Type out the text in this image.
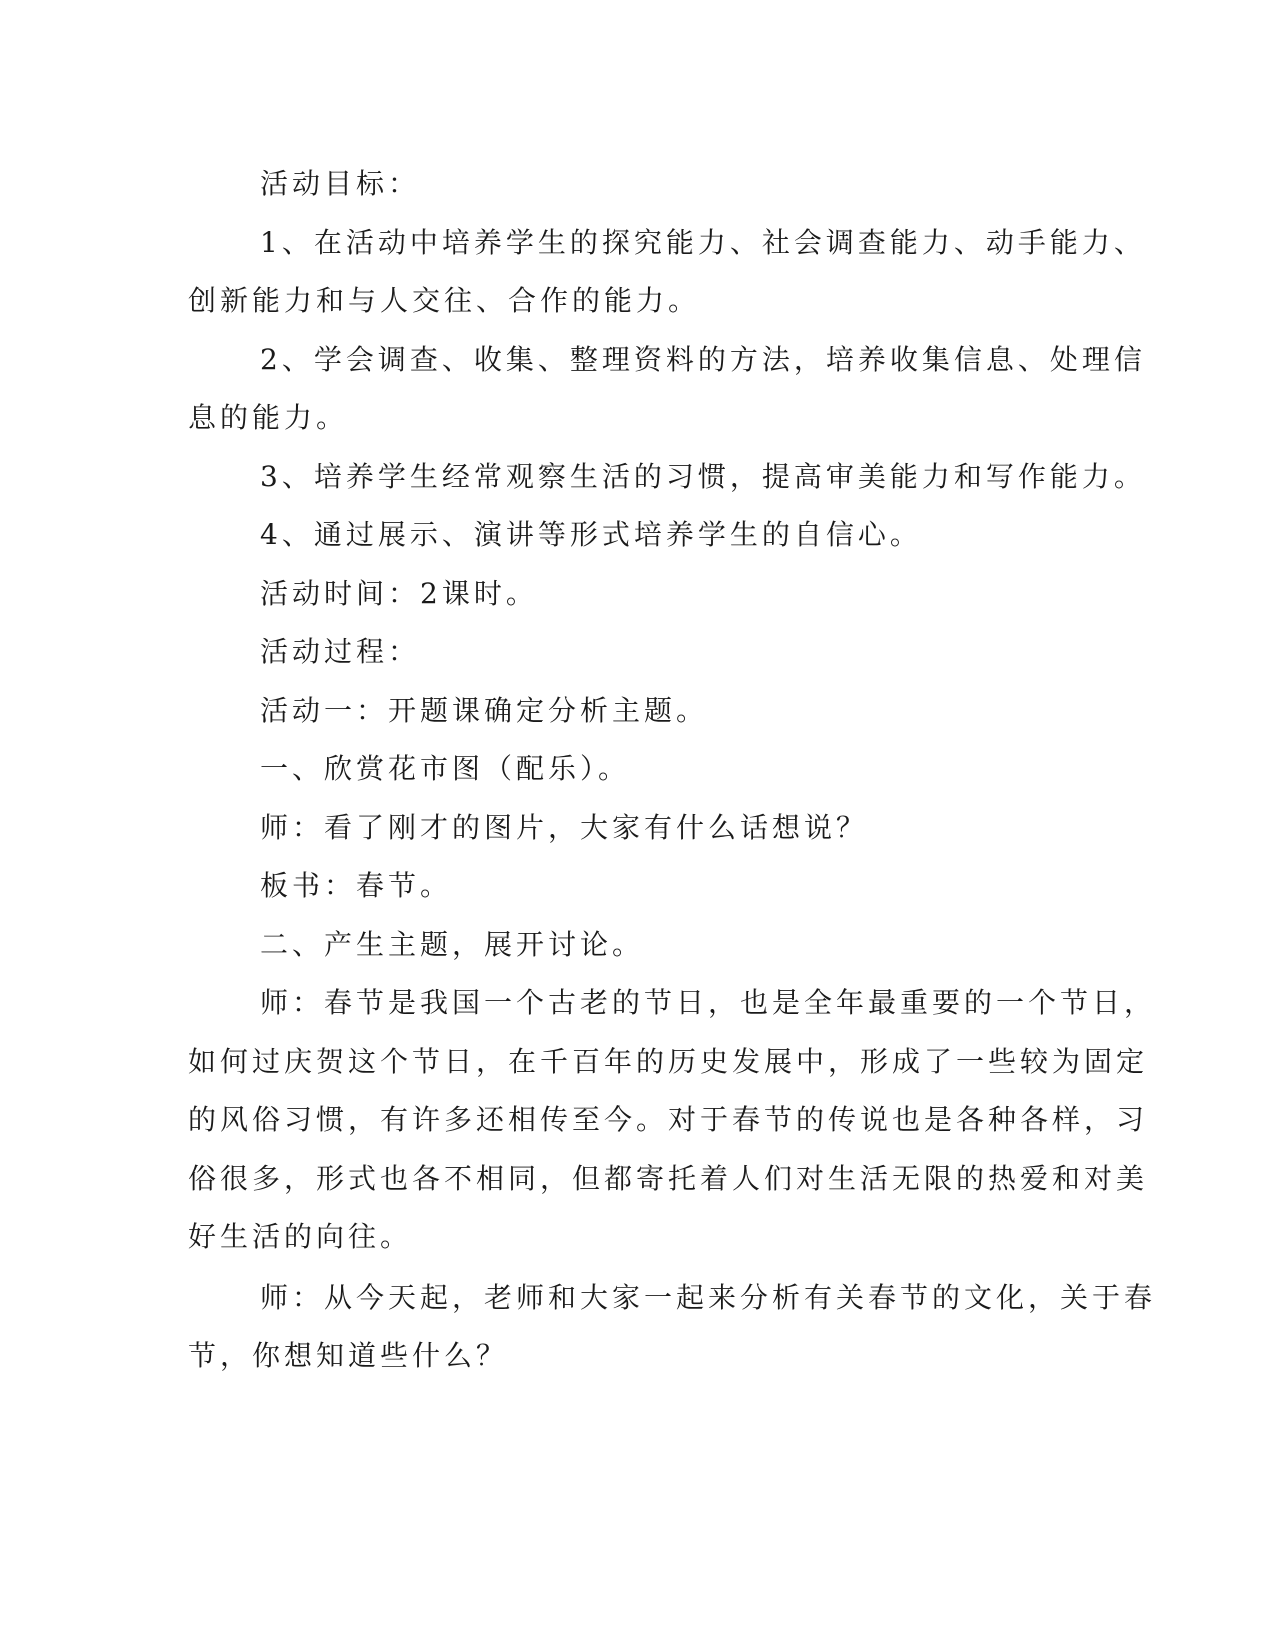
活动目标：
1、在活动中培养学生的探究能力、社会调查能力、动手能力、
创新能力和与人交往、合作的能力。
2、学会调查、收集、整理资料的方法，培养收集信息、处理信
息的能力。
3、培养学生经常观察生活的习惯，提高审美能力和写作能力。
4、通过展示、演讲等形式培养学生的自信心。
活动时间：2课时。
活动过程：
活动一：开题课确定分析主题。
一、欣赏花市图（配乐）。
师：看了刚才的图片，大家有什么话想说？
板书：春节。
二、产生主题，展开讨论。
师：春节是我国一个古老的节日，也是全年最重要的一个节日，
如何过庆贺这个节日，在千百年的历史发展中，形成了一些较为固定
的风俗习惯，有许多还相传至今。对于春节的传说也是各种各样，习
俗很多，形式也各不相同，但都寄托着人们对生活无限的热爱和对美
好生活的向往。
师：从今天起，老师和大家一起来分析有关春节的文化，关于春
节，你想知道些什么？
